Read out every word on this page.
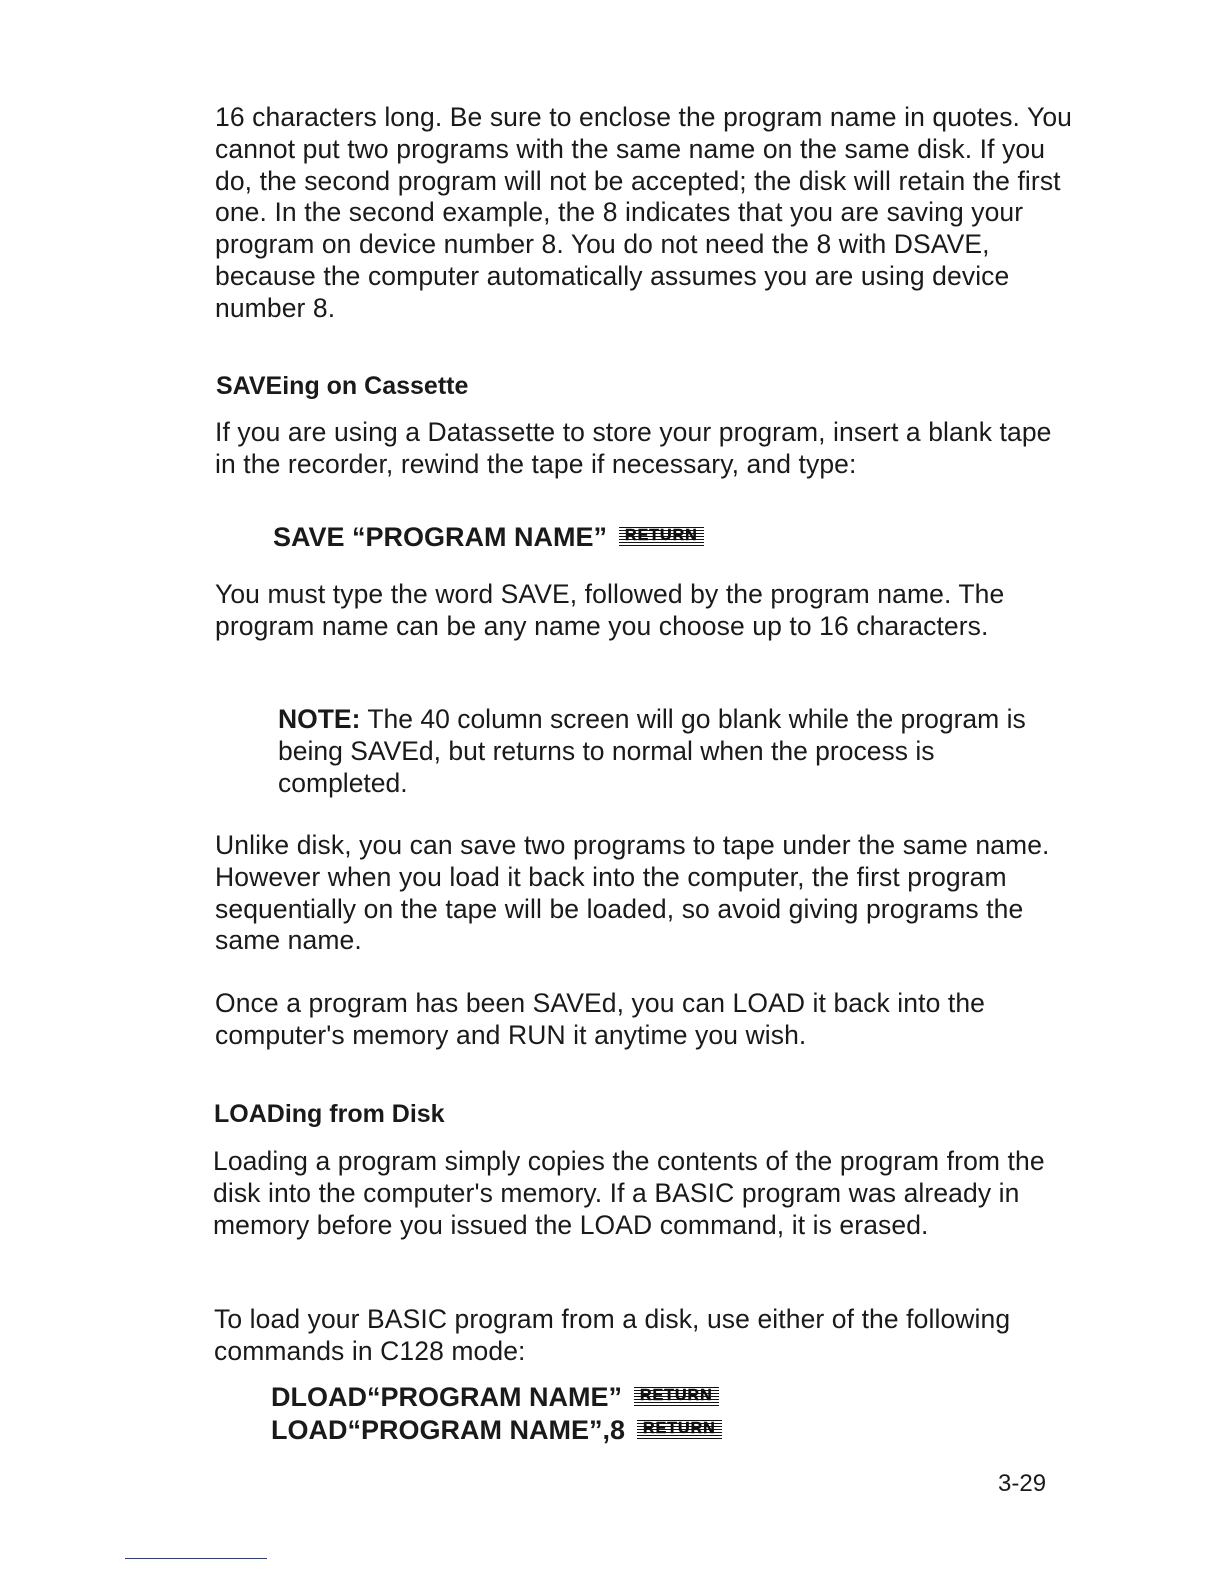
16 characters long. Be sure to enclose the program name in quotes. You cannot put two programs with the same name on the same disk. If you do, the second program will not be accepted; the disk will retain the first one. In the second example, the 8 indicates that you are saving your program on device number 8. You do not need the 8 with DSAVE, because the computer automatically assumes you are using device number 8.

SAVEing on Cassette

If you are using a Datassette to store your program, insert a blank tape in the recorder, rewind the tape if necessary, and type:

SAVE “PROGRAM NAME” RETURN

You must type the word SAVE, followed by the program name. The program name can be any name you choose up to 16 characters.

NOTE: The 40 column screen will go blank while the program is being SAVEd, but returns to normal when the process is completed.

Unlike disk, you can save two programs to tape under the same name. However when you load it back into the computer, the first program sequentially on the tape will be loaded, so avoid giving programs the same name.

Once a program has been SAVEd, you can LOAD it back into the computer's memory and RUN it anytime you wish.

LOADing from Disk

Loading a program simply copies the contents of the program from the disk into the computer's memory. If a BASIC program was already in memory before you issued the LOAD command, it is erased.

To load your BASIC program from a disk, use either of the following commands in C128 mode:

DLOAD“PROGRAM NAME” RETURN
LOAD“PROGRAM NAME”,8 RETURN

3-29
